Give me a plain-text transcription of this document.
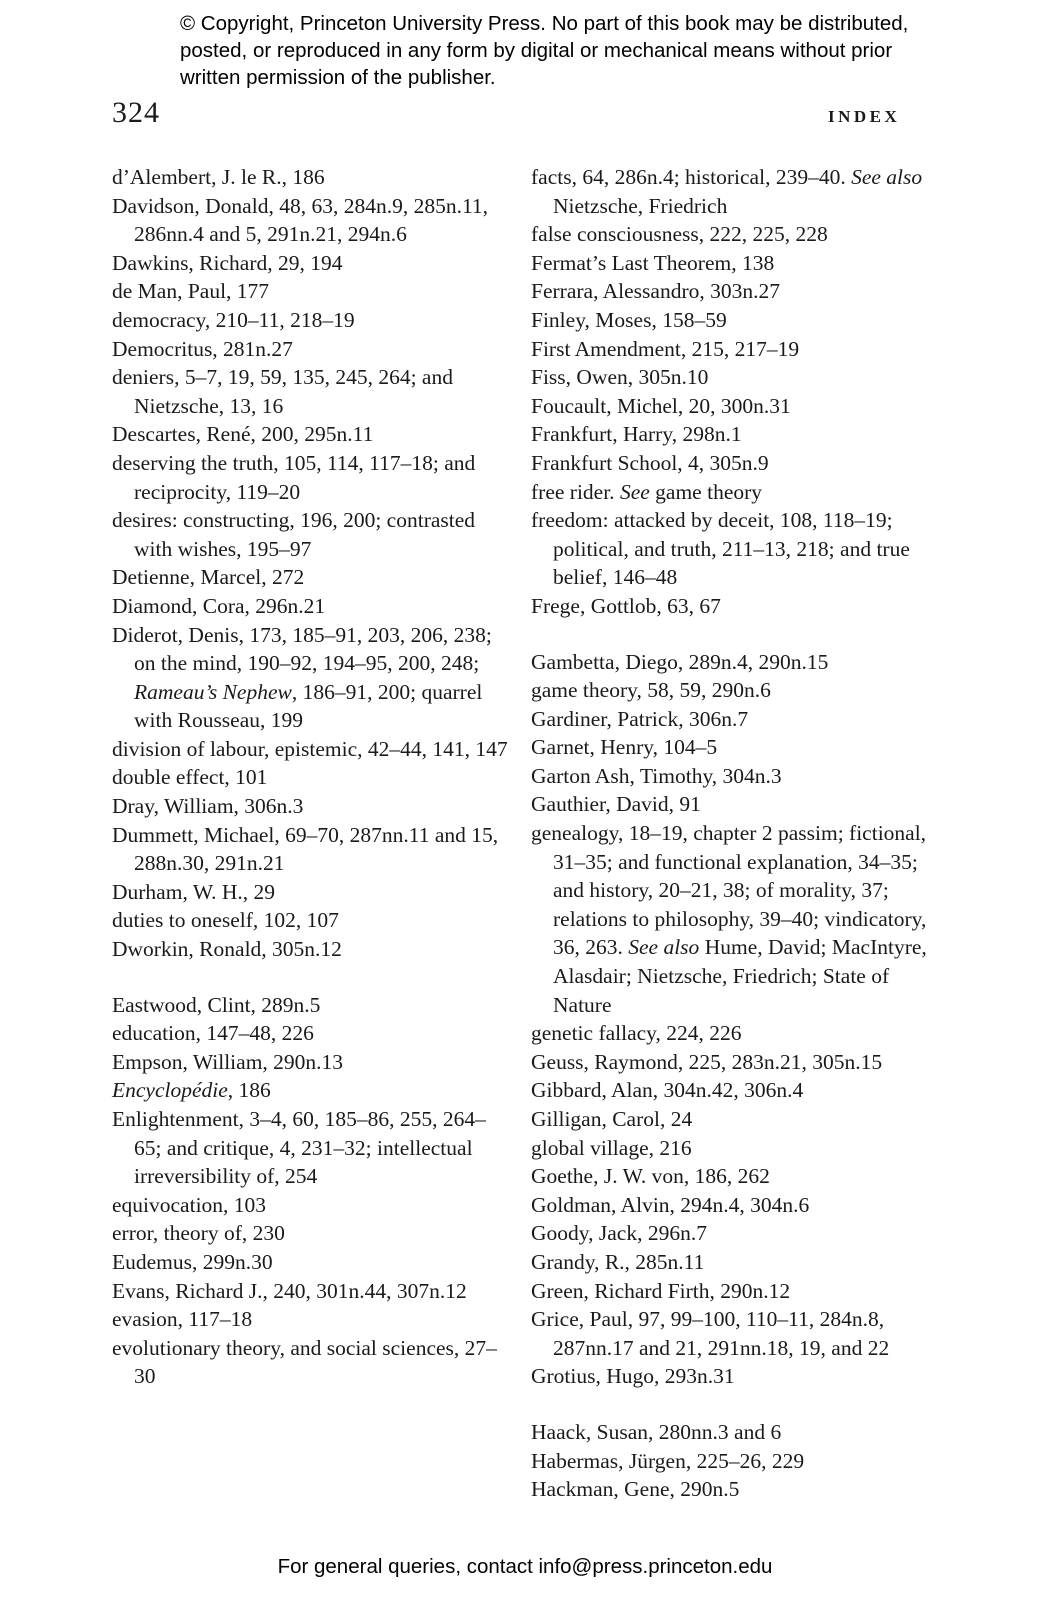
© Copyright, Princeton University Press. No part of this book may be distributed, posted, or reproduced in any form by digital or mechanical means without prior written permission of the publisher.
324	INDEX
d’Alembert, J. le R., 186
Davidson, Donald, 48, 63, 284n.9, 285n.11, 286nn.4 and 5, 291n.21, 294n.6
Dawkins, Richard, 29, 194
de Man, Paul, 177
democracy, 210–11, 218–19
Democritus, 281n.27
deniers, 5–7, 19, 59, 135, 245, 264; and Nietzsche, 13, 16
Descartes, René, 200, 295n.11
deserving the truth, 105, 114, 117–18; and reciprocity, 119–20
desires: constructing, 196, 200; contrasted with wishes, 195–97
Detienne, Marcel, 272
Diamond, Cora, 296n.21
Diderot, Denis, 173, 185–91, 203, 206, 238; on the mind, 190–92, 194–95, 200, 248; Rameau’s Nephew, 186–91, 200; quarrel with Rousseau, 199
division of labour, epistemic, 42–44, 141, 147
double effect, 101
Dray, William, 306n.3
Dummett, Michael, 69–70, 287nn.11 and 15, 288n.30, 291n.21
Durham, W. H., 29
duties to oneself, 102, 107
Dworkin, Ronald, 305n.12
Eastwood, Clint, 289n.5
education, 147–48, 226
Empson, William, 290n.13
Encyclopédie, 186
Enlightenment, 3–4, 60, 185–86, 255, 264–65; and critique, 4, 231–32; intellectual irreversibility of, 254
equivocation, 103
error, theory of, 230
Eudemus, 299n.30
Evans, Richard J., 240, 301n.44, 307n.12
evasion, 117–18
evolutionary theory, and social sciences, 27–30
facts, 64, 286n.4; historical, 239–40. See also Nietzsche, Friedrich
false consciousness, 222, 225, 228
Fermat’s Last Theorem, 138
Ferrara, Alessandro, 303n.27
Finley, Moses, 158–59
First Amendment, 215, 217–19
Fiss, Owen, 305n.10
Foucault, Michel, 20, 300n.31
Frankfurt, Harry, 298n.1
Frankfurt School, 4, 305n.9
free rider. See game theory
freedom: attacked by deceit, 108, 118–19; political, and truth, 211–13, 218; and true belief, 146–48
Frege, Gottlob, 63, 67
Gambetta, Diego, 289n.4, 290n.15
game theory, 58, 59, 290n.6
Gardiner, Patrick, 306n.7
Garnet, Henry, 104–5
Garton Ash, Timothy, 304n.3
Gauthier, David, 91
genealogy, 18–19, chapter 2 passim; fictional, 31–35; and functional explanation, 34–35; and history, 20–21, 38; of morality, 37; relations to philosophy, 39–40; vindicatory, 36, 263. See also Hume, David; MacIntyre, Alasdair; Nietzsche, Friedrich; State of Nature
genetic fallacy, 224, 226
Geuss, Raymond, 225, 283n.21, 305n.15
Gibbard, Alan, 304n.42, 306n.4
Gilligan, Carol, 24
global village, 216
Goethe, J. W. von, 186, 262
Goldman, Alvin, 294n.4, 304n.6
Goody, Jack, 296n.7
Grandy, R., 285n.11
Green, Richard Firth, 290n.12
Grice, Paul, 97, 99–100, 110–11, 284n.8, 287nn.17 and 21, 291nn.18, 19, and 22
Grotius, Hugo, 293n.31
Haack, Susan, 280nn.3 and 6
Habermas, Jürgen, 225–26, 229
Hackman, Gene, 290n.5
For general queries, contact info@press.princeton.edu
